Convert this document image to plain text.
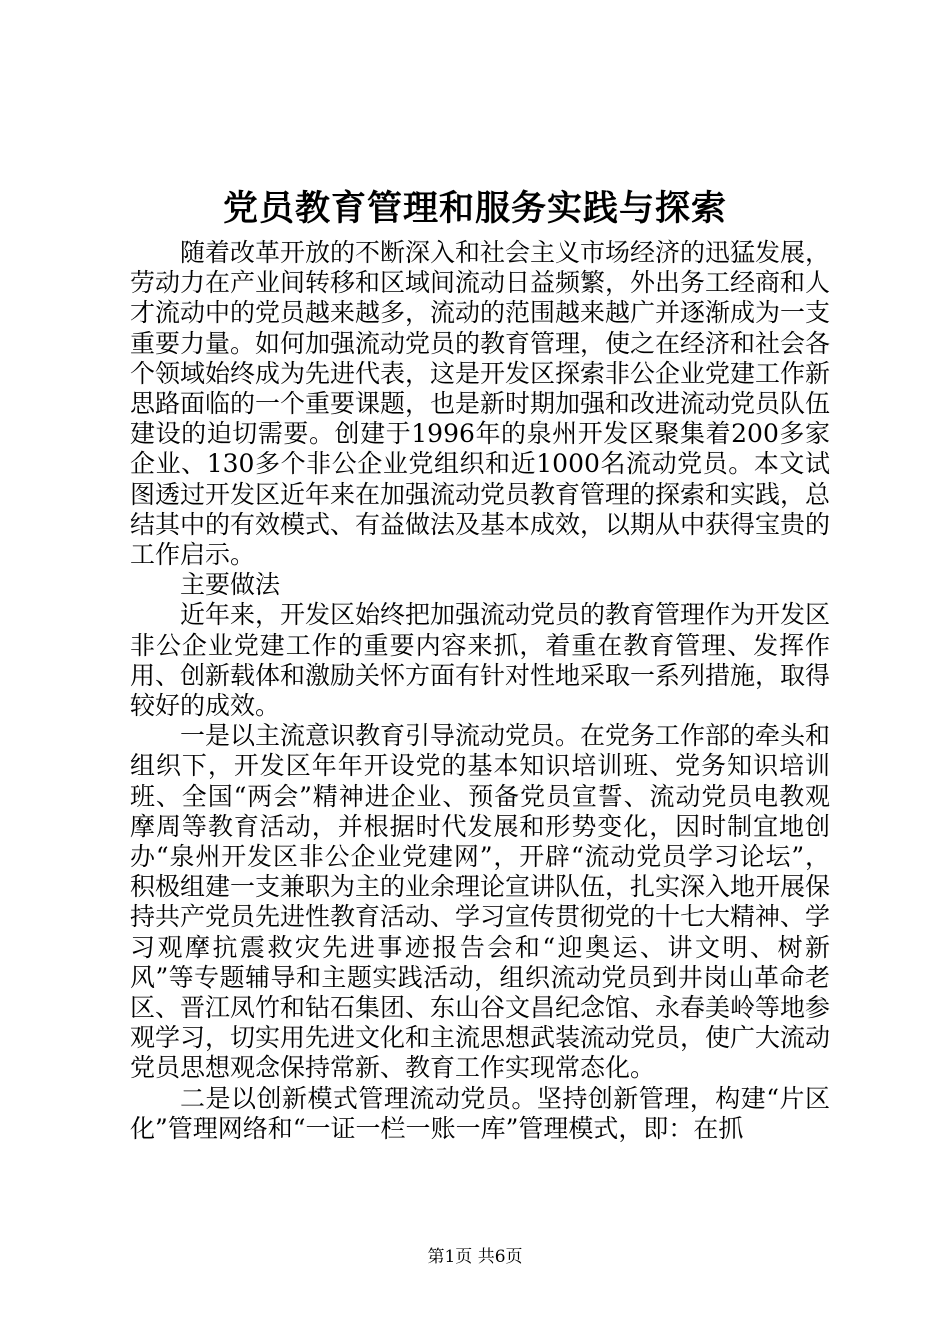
党员教育管理和服务实践与探索

随着改革开放的不断深入和社会主义市场经济的迅猛发展，劳动力在产业间转移和区域间流动日益频繁，外出务工经商和人才流动中的党员越来越多，流动的范围越来越广并逐渐成为一支重要力量。如何加强流动党员的教育管理，使之在经济和社会各个领域始终成为先进代表，这是开发区探索非公企业党建工作新思路面临的一个重要课题，也是新时期加强和改进流动党员队伍建设的迫切需要。创建于1996年的泉州开发区聚集着200多家企业、130多个非公企业党组织和近1000名流动党员。本文试图透过开发区近年来在加强流动党员教育管理的探索和实践，总结其中的有效模式、有益做法及基本成效，以期从中获得宝贵的工作启示。

主要做法

近年来，开发区始终把加强流动党员的教育管理作为开发区非公企业党建工作的重要内容来抓，着重在教育管理、发挥作用、创新载体和激励关怀方面有针对性地采取一系列措施，取得较好的成效。

一是以主流意识教育引导流动党员。在党务工作部的牵头和组织下，开发区年年开设党的基本知识培训班、党务知识培训班、全国“两会”精神进企业、预备党员宣誓、流动党员电教观摩周等教育活动，并根据时代发展和形势变化，因时制宜地创办“泉州开发区非公企业党建网”，开辟“流动党员学习论坛”，积极组建一支兼职为主的业余理论宣讲队伍，扎实深入地开展保持共产党员先进性教育活动、学习宣传贯彻党的十七大精神、学习观摩抗震救灾先进事迹报告会和“迎奥运、讲文明、树新风”等专题辅导和主题实践活动，组织流动党员到井岗山革命老区、晋江凤竹和钻石集团、东山谷文昌纪念馆、永春美岭等地参观学习，切实用先进文化和主流思想武装流动党员，使广大流动党员思想观念保持常新、教育工作实现常态化。

二是以创新模式管理流动党员。坚持创新管理，构建“片区化”管理网络和“一证一栏一账一库”管理模式，即：在抓

第1页 共6页
